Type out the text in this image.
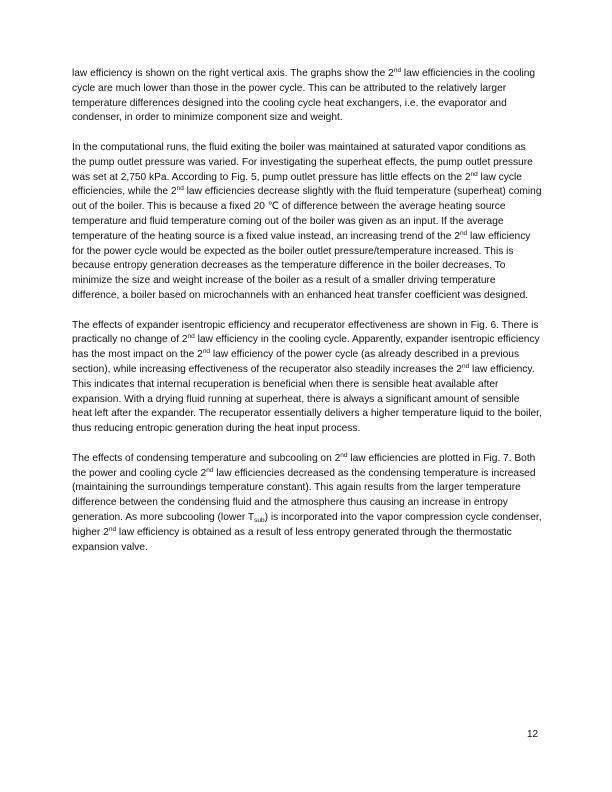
law efficiency is shown on the right vertical axis. The graphs show the 2nd law efficiencies in the cooling cycle are much lower than those in the power cycle. This can be attributed to the relatively larger temperature differences designed into the cooling cycle heat exchangers, i.e. the evaporator and condenser, in order to minimize component size and weight.

In the computational runs, the fluid exiting the boiler was maintained at saturated vapor conditions as the pump outlet pressure was varied. For investigating the superheat effects, the pump outlet pressure was set at 2,750 kPa. According to Fig. 5, pump outlet pressure has little effects on the 2nd law cycle efficiencies, while the 2nd law efficiencies decrease slightly with the fluid temperature (superheat) coming out of the boiler. This is because a fixed 20 ℃ of difference between the average heating source temperature and fluid temperature coming out of the boiler was given as an input. If the average temperature of the heating source is a fixed value instead, an increasing trend of the 2nd law efficiency for the power cycle would be expected as the boiler outlet pressure/temperature increased. This is because entropy generation decreases as the temperature difference in the boiler decreases. To minimize the size and weight increase of the boiler as a result of a smaller driving temperature difference, a boiler based on microchannels with an enhanced heat transfer coefficient was designed.

The effects of expander isentropic efficiency and recuperator effectiveness are shown in Fig. 6. There is practically no change of 2nd law efficiency in the cooling cycle. Apparently, expander isentropic efficiency has the most impact on the 2nd law efficiency of the power cycle (as already described in a previous section), while increasing effectiveness of the recuperator also steadily increases the 2nd law efficiency. This indicates that internal recuperation is beneficial when there is sensible heat available after expansion. With a drying fluid running at superheat, there is always a significant amount of sensible heat left after the expander. The recuperator essentially delivers a higher temperature liquid to the boiler, thus reducing entropic generation during the heat input process.

The effects of condensing temperature and subcooling on 2nd law efficiencies are plotted in Fig. 7. Both the power and cooling cycle 2nd law efficiencies decreased as the condensing temperature is increased (maintaining the surroundings temperature constant). This again results from the larger temperature difference between the condensing fluid and the atmosphere thus causing an increase in entropy generation. As more subcooling (lower $T_{sub}$) is incorporated into the vapor compression cycle condenser, higher 2nd law efficiency is obtained as a result of less entropy generated through the thermostatic expansion valve.

12
